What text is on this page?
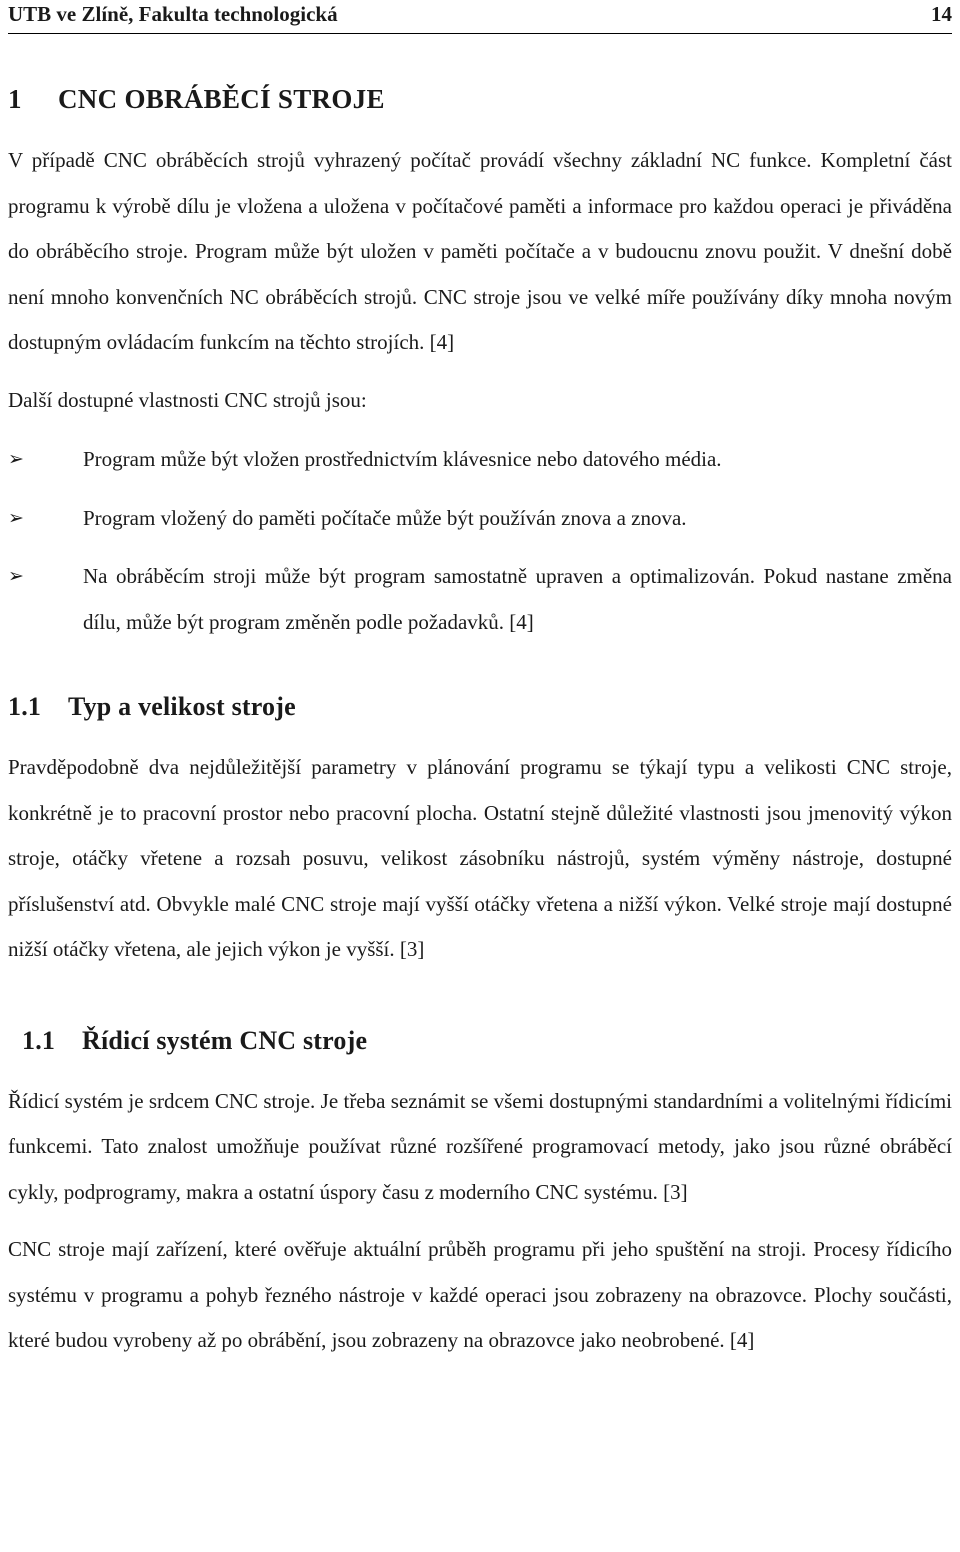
UTB ve Zlíně, Fakulta technologická	14
1 CNC OBRÁBĚCÍ STROJE

V případě CNC obráběcích strojů vyhrazený počítač provádí všechny základní NC funkce. Kompletní část programu k výrobě dílu je vložena a uložena v počítačové paměti a informace pro každou operaci je přiváděna do obráběcího stroje. Program může být uložen v paměti počítače a v budoucnu znovu použit. V dnešní době není mnoho konvenčních NC obráběcích strojů. CNC stroje jsou ve velké míře používány díky mnoha novým dostupným ovládacím funkcím na těchto strojích. [4]

Další dostupné vlastnosti CNC strojů jsou:

➢	Program může být vložen prostřednictvím klávesnice nebo datového média.
➢	Program vložený do paměti počítače může být používán znova a znova.
➢	Na obráběcím stroji může být program samostatně upraven a optimalizován. Pokud nastane změna dílu, může být program změněn podle požadavků. [4]
1.1 Typ a velikost stroje

Pravděpodobně dva nejdůležitější parametry v plánování programu se týkají typu a velikosti CNC stroje, konkrétně je to pracovní prostor nebo pracovní plocha. Ostatní stejně důležité vlastnosti jsou jmenovitý výkon stroje, otáčky vřetene a rozsah posuvu, velikost zásobníku nástrojů, systém výměny nástroje, dostupné příslušenství atd. Obvykle malé CNC stroje mají vyšší otáčky vřetena a nižší výkon. Velké stroje mají dostupné nižší otáčky vřetena, ale jejich výkon je vyšší. [3]

1.1 Řídicí systém CNC stroje

Řídicí systém je srdcem CNC stroje. Je třeba seznámit se všemi dostupnými standardními a volitelnými řídicími funkcemi. Tato znalost umožňuje používat různé rozšířené programovací metody, jako jsou různé obráběcí cykly, podprogramy, makra a ostatní úspory času z moderního CNC systému. [3]

CNC stroje mají zařízení, které ověřuje aktuální průběh programu při jeho spuštění na stroji. Procesy řídicího systému v programu a pohyb řezného nástroje v každé operaci jsou zobrazeny na obrazovce. Plochy součásti, které budou vyrobeny až po obrábění, jsou zobrazeny na obrazovce jako neobrobené. [4]
